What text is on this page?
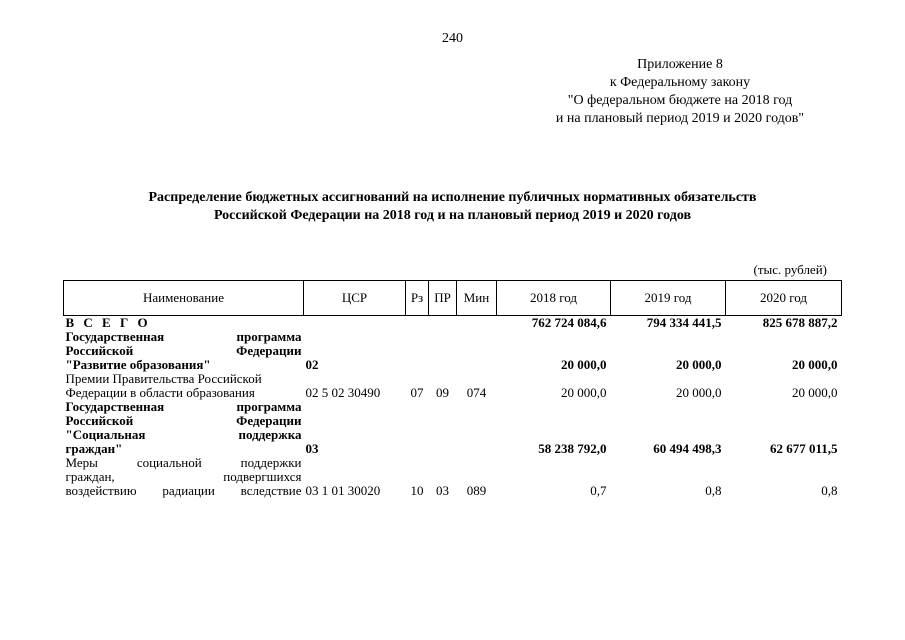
240
Приложение 8
к Федеральному закону
"О федеральном бюджете на 2018 год
и на плановый период 2019 и 2020 годов"
Распределение бюджетных ассигнований на исполнение публичных нормативных обязательств
Российской Федерации на 2018 год и на плановый период 2019 и 2020 годов
(тыс. рублей)
Наименование	ЦСР	Рз	ПР	Мин	2018 год	2019 год	2020 год
В С Е Г О					762 724 084,6	794 334 441,5	825 678 887,2

Государственная программа
Российской Федерации
"Развитие образования"	02				20 000,0	20 000,0	20 000,0

Премии Правительства Российской
Федерации в области образования	02 5 02 30490	07	09	074	20 000,0	20 000,0	20 000,0

Государственная программа
Российской Федерации
"Социальная поддержка
граждан"	03				58 238 792,0	60 494 498,3	62 677 011,5

Меры социальной поддержки
граждан, подвергшихся
воздействию радиации вследствие	03 1 01 30020	10	03	089	0,7	0,8	0,8
